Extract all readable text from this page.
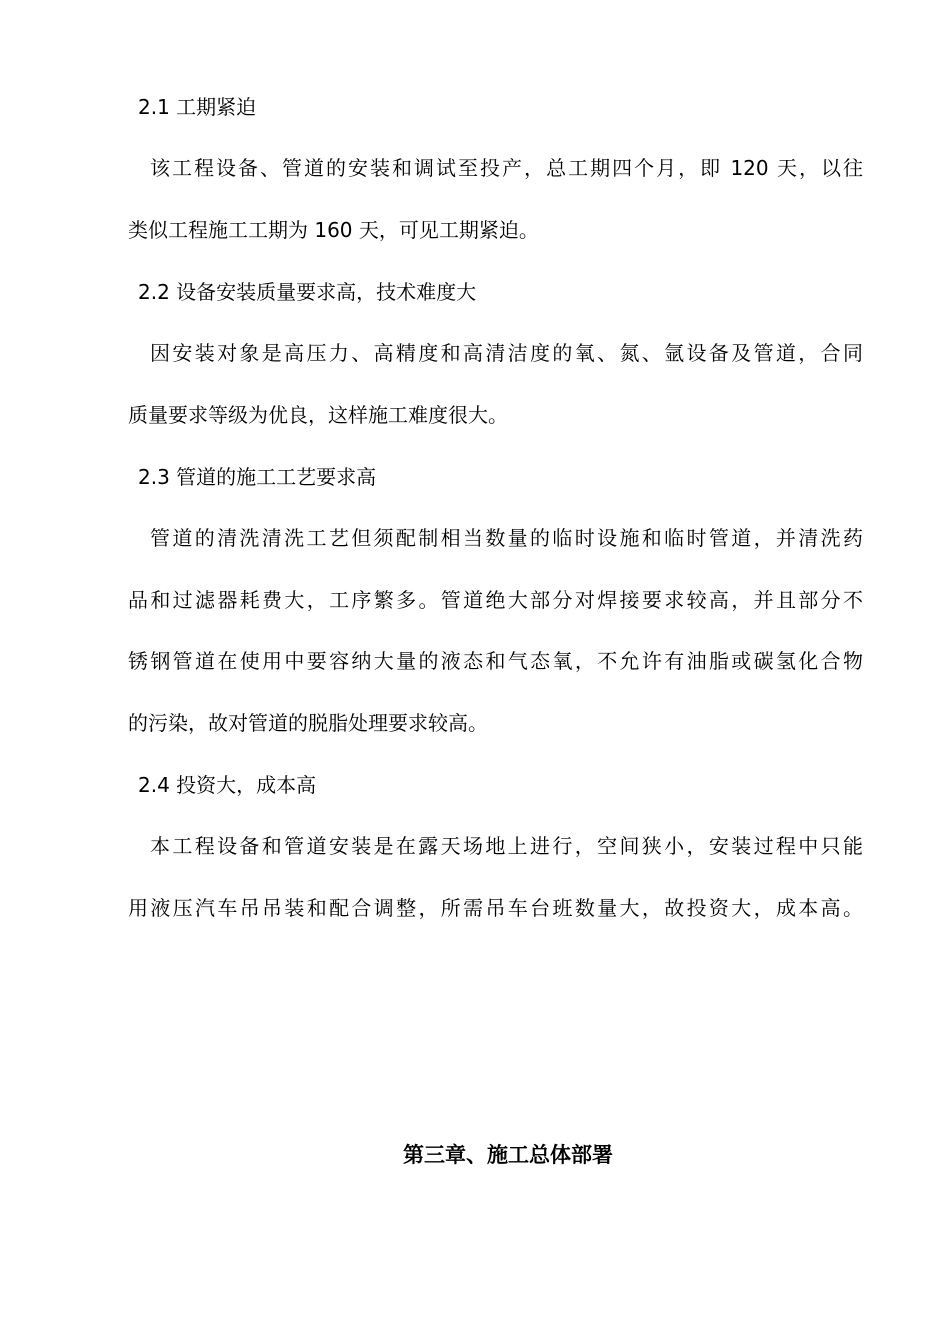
2.1 工期紧迫
该工程设备、管道的安装和调试至投产，总工期四个月，即 120 天，以往
类似工程施工工期为 160 天，可见工期紧迫。
2.2 设备安装质量要求高，技术难度大
因安装对象是高压力、高精度和高清洁度的氧、氮、氩设备及管道，合同
质量要求等级为优良，这样施工难度很大。
2.3 管道的施工工艺要求高
管道的清洗清洗工艺但须配制相当数量的临时设施和临时管道，并清洗药
品和过滤器耗费大，工序繁多。管道绝大部分对焊接要求较高，并且部分不
锈钢管道在使用中要容纳大量的液态和气态氧，不允许有油脂或碳氢化合物
的污染，故对管道的脱脂处理要求较高。
2.4 投资大，成本高
本工程设备和管道安装是在露天场地上进行，空间狭小，安装过程中只能
用液压汽车吊吊装和配合调整，所需吊车台班数量大，故投资大，成本高。
第三章、施工总体部署
